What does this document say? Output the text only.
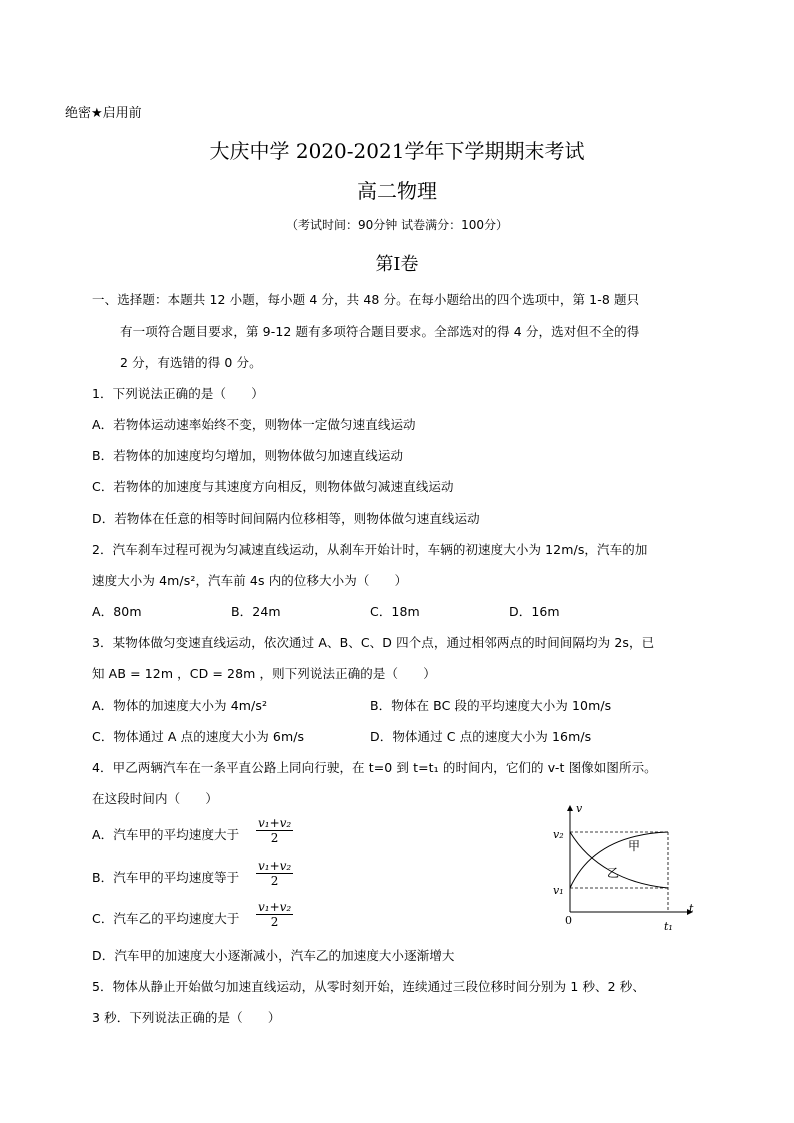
绝密★启用前
大庆中学 2020-2021学年下学期期末考试
高二物理
（考试时间：90分钟 试卷满分：100分）
第Ⅰ卷
一、选择题：本题共 12 小题，每小题 4 分，共 48 分。在每小题给出的四个选项中，第 1-8 题只
有一项符合题目要求，第 9-12 题有多项符合题目要求。全部选对的得 4 分，选对但不全的得
2 分，有选错的得 0 分。
1．下列说法正确的是（　　）
A．若物体运动速率始终不变，则物体一定做匀速直线运动
B．若物体的加速度均匀增加，则物体做匀加速直线运动
C．若物体的加速度与其速度方向相反，则物体做匀减速直线运动
D．若物体在任意的相等时间间隔内位移相等，则物体做匀速直线运动
2．汽车刹车过程可视为匀减速直线运动，从刹车开始计时，车辆的初速度大小为 12m/s，汽车的加
速度大小为 4m/s²，汽车前 4s 内的位移大小为（　　）
A．80m	B．24m	C．18m	D．16m
3．某物体做匀变速直线运动，依次通过 A、B、C、D 四个点，通过相邻两点的时间间隔均为 2s，已
知 AB = 12m ，CD = 28m ，则下列说法正确的是（　　）
A．物体的加速度大小为 4m/s²	B．物体在 BC 段的平均速度大小为 10m/s
C．物体通过 A 点的速度大小为 6m/s	D．物体通过 C 点的速度大小为 16m/s
4．甲乙两辆汽车在一条平直公路上同向行驶，在 t=0 到 t=t₁ 的时间内，它们的 v-t 图像如图所示。
在这段时间内（　　）
A．汽车甲的平均速度大于 $\frac{\text{v₁+v₂}}{2}$
B．汽车甲的平均速度等于 $\frac{\text{v₁+v₂}}{2}$
C．汽车乙的平均速度大于 $\frac{\text{v₁+v₂}}{2}$
D．汽车甲的加速度大小逐渐减小，汽车乙的加速度大小逐渐增大
v
t
0
v₂
v₁
t₁
甲
乙
5．物体从静止开始做匀加速直线运动，从零时刻开始，连续通过三段位移时间分别为 1 秒、2 秒、
3 秒．下列说法正确的是（　　）
